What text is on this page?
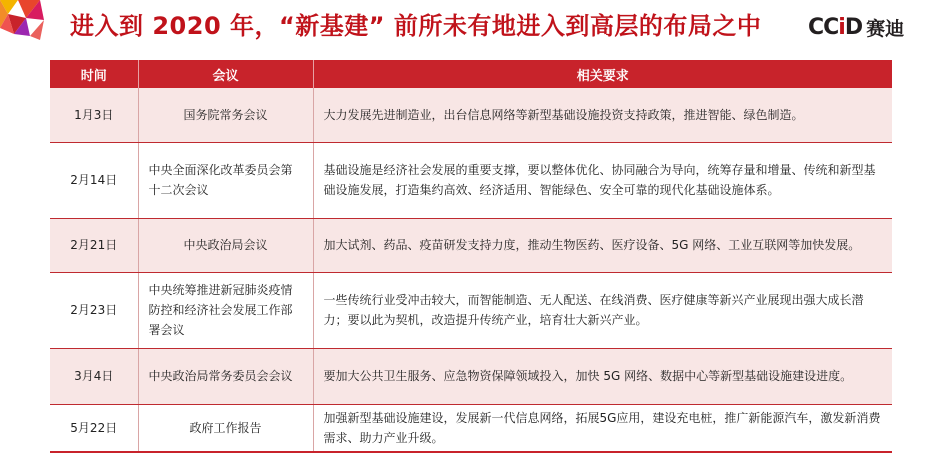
进入到 2020 年，“新基建” 前所未有地进入到高层的布局之中 CCiD 赛迪
时间	会议	相关要求
1月3日	国务院常务会议	大力发展先进制造业，出台信息网络等新型基础设施投资支持政策，推进智能、绿色制造。
2月14日	中央全面深化改革委员会第十二次会议	基础设施是经济社会发展的重要支撑，要以整体优化、协同融合为导向，统筹存量和增量、传统和新型基础设施发展，打造集约高效、经济适用、智能绿色、安全可靠的现代化基础设施体系。
2月21日	中央政治局会议	加大试剂、药品、疫苗研发支持力度，推动生物医药、医疗设备、5G 网络、工业互联网等加快发展。
2月23日	中央统筹推进新冠肺炎疫情防控和经济社会发展工作部署会议	一些传统行业受冲击较大，而智能制造、无人配送、在线消费、医疗健康等新兴产业展现出强大成长潜力；要以此为契机，改造提升传统产业，培育壮大新兴产业。
3月4日	中央政治局常务委员会会议	要加大公共卫生服务、应急物资保障领域投入，加快 5G 网络、数据中心等新型基础设施建设进度。
5月22日	政府工作报告	加强新型基础设施建设，发展新一代信息网络，拓展5G应用，建设充电桩，推广新能源汽车，激发新消费需求、助力产业升级。
